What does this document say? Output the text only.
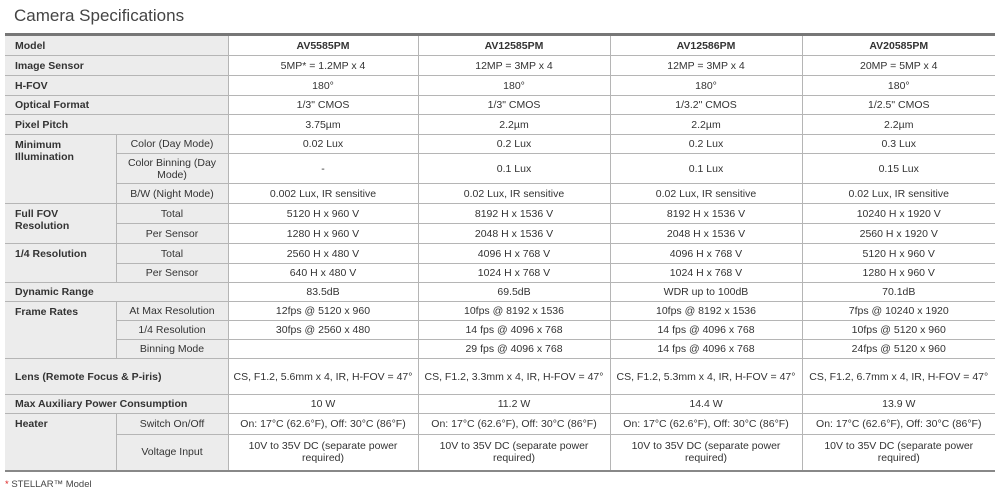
Camera Specifications
Model		AV5585PM	AV12585PM	AV12586PM	AV20585PM
Image Sensor		5MP* = 1.2MP x 4	12MP = 3MP x 4	12MP = 3MP x 4	20MP = 5MP x 4
H-FOV		180°	180°	180°	180°
Optical Format		1/3" CMOS	1/3" CMOS	1/3.2" CMOS	1/2.5" CMOS
Pixel Pitch		3.75µm	2.2µm	2.2µm	2.2µm
Minimum Illumination	Color (Day Mode)	0.02 Lux	0.2 Lux	0.2 Lux	0.3 Lux
	Color Binning (Day Mode)	-	0.1 Lux	0.1 Lux	0.15 Lux
	B/W (Night Mode)	0.002 Lux, IR sensitive	0.02 Lux, IR sensitive	0.02 Lux, IR sensitive	0.02 Lux, IR sensitive
Full FOV Resolution	Total	5120 H x 960 V	8192 H x 1536 V	8192 H x 1536 V	10240 H x 1920 V
	Per Sensor	1280 H x 960 V	2048 H x 1536 V	2048 H x 1536 V	2560 H x 1920 V
1/4 Resolution	Total	2560 H x 480 V	4096 H x 768 V	4096 H x 768 V	5120 H x 960 V
	Per Sensor	640 H x 480 V	1024 H x 768 V	1024 H x 768 V	1280 H x 960 V
Dynamic Range		83.5dB	69.5dB	WDR up to 100dB	70.1dB
Frame Rates	At Max Resolution	12fps @ 5120 x 960	10fps @ 8192 x 1536	10fps @ 8192 x 1536	7fps @ 10240 x 1920
	1/4 Resolution	30fps @ 2560 x 480	14 fps @ 4096 x 768	14 fps @ 4096 x 768	10fps @ 5120 x 960
	Binning Mode		29 fps @ 4096 x 768	14 fps @ 4096 x 768	24fps @ 5120 x 960
Lens (Remote Focus & P-iris)		CS, F1.2, 5.6mm x 4, IR, H-FOV = 47°	CS, F1.2, 3.3mm x 4, IR, H-FOV = 47°	CS, F1.2, 5.3mm x 4, IR, H-FOV = 47°	CS, F1.2, 6.7mm x 4, IR, H-FOV = 47°
Max Auxiliary Power Consumption		10 W	11.2 W	14.4 W	13.9 W
Heater	Switch On/Off	On: 17°C (62.6°F), Off: 30°C (86°F)	On: 17°C (62.6°F), Off: 30°C (86°F)	On: 17°C (62.6°F), Off: 30°C (86°F)	On: 17°C (62.6°F), Off: 30°C (86°F)
	Voltage Input	10V to 35V DC (separate power required)	10V to 35V DC (separate power required)	10V to 35V DC (separate power required)	10V to 35V DC (separate power required)
* STELLAR™ Model
